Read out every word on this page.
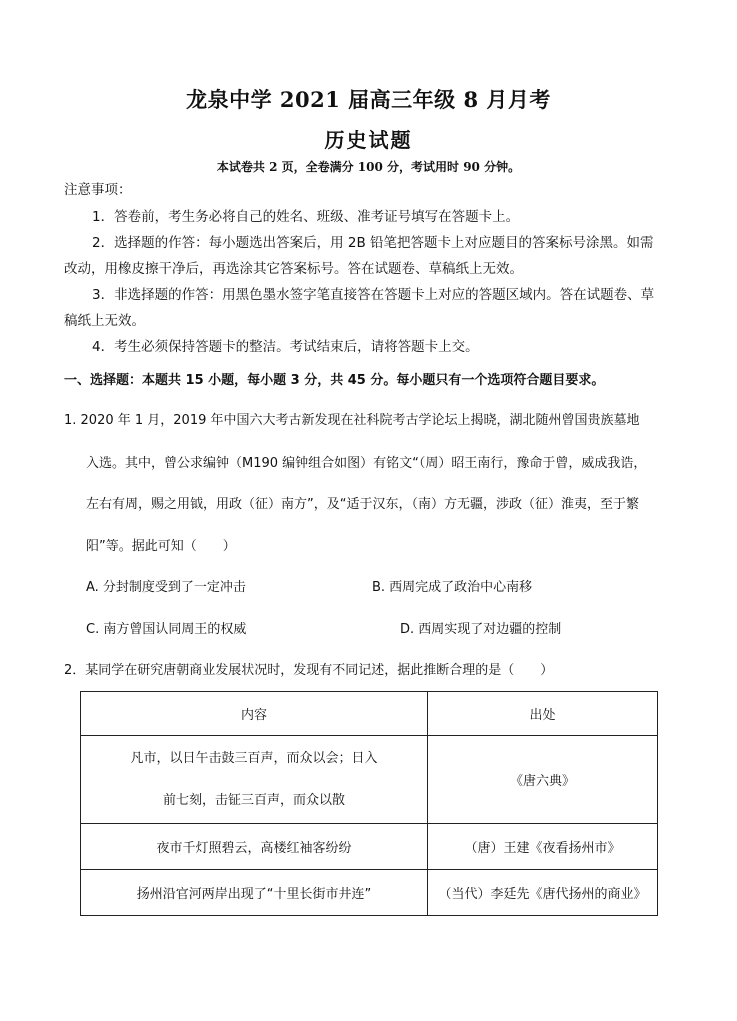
龙泉中学 2021 届高三年级 8 月月考
历史试题
本试卷共 2 页，全卷满分 100 分，考试用时 90 分钟。
注意事项：
1．答卷前，考生务必将自己的姓名、班级、准考证号填写在答题卡上。
2．选择题的作答：每小题选出答案后，用 2B 铅笔把答题卡上对应题目的答案标号涂黑。如需
改动，用橡皮擦干净后，再选涂其它答案标号。答在试题卷、草稿纸上无效。
3．非选择题的作答：用黑色墨水签字笔直接答在答题卡上对应的答题区域内。答在试题卷、草
稿纸上无效。
4．考生必须保持答题卡的整洁。考试结束后，请将答题卡上交。
一、选择题：本题共 15 小题，每小题 3 分，共 45 分。每小题只有一个选项符合题目要求。
1. 2020 年 1 月，2019 年中国六大考古新发现在社科院考古学论坛上揭晓，湖北随州曾国贵族墓地
入选。其中，曾公求编钟（M190 编钟组合如图）有铭文“（周）昭王南行，豫命于曾，威成我诰，
左右有周，赐之用钺，用政（征）南方”，及“适于汉东，（南）方无疆，涉政（征）淮夷，至于繁
阳”等。据此可知（　　）
A. 分封制度受到了一定冲击	B. 西周完成了政治中心南移
C. 南方曾国认同周王的权威	D. 西周实现了对边疆的控制
2．某同学在研究唐朝商业发展状况时，发现有不同记述，据此推断合理的是（　　）
内容	出处

凡市，以日午击鼓三百声，而众以会；日入
前七刻，击钲三百声，而众以散	《唐六典》
夜市千灯照碧云，高楼红袖客纷纷	（唐）王建《夜看扬州市》
扬州沿官河两岸出现了“十里长街市井连”	（当代）李廷先《唐代扬州的商业》
